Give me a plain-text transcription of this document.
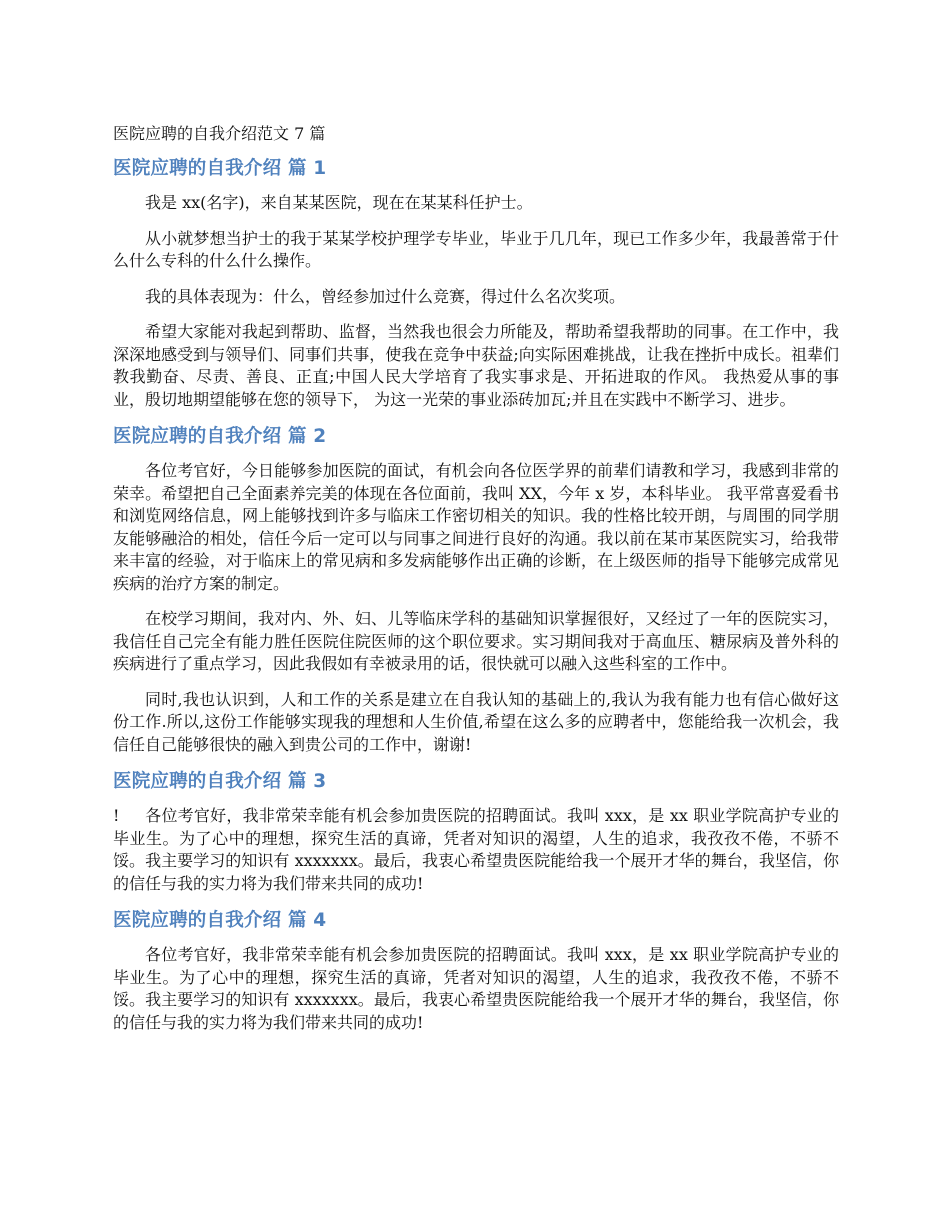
医院应聘的自我介绍范文 7 篇

医院应聘的自我介绍 篇 1

我是 xx(名字)，来自某某医院，现在在某某科任护士。

从小就梦想当护士的我于某某学校护理学专毕业，毕业于几几年，现已工作多少年，我最善常于什么什么专科的什么什么操作。

我的具体表现为：什么，曾经参加过什么竞赛，得过什么名次奖项。

希望大家能对我起到帮助、监督，当然我也很会力所能及，帮助希望我帮助的同事。在工作中，我深深地感受到与领导们、同事们共事，使我在竞争中获益;向实际困难挑战，让我在挫折中成长。祖辈们教我勤奋、尽责、善良、正直;中国人民大学培育了我实事求是、开拓进取的作风。 我热爱从事的事业，殷切地期望能够在您的领导下， 为这一光荣的事业添砖加瓦;并且在实践中不断学习、进步。

医院应聘的自我介绍 篇 2

各位考官好，今日能够参加医院的面试，有机会向各位医学界的前辈们请教和学习，我感到非常的荣幸。希望把自己全面素养完美的体现在各位面前，我叫 XX，今年 x 岁，本科毕业。 我平常喜爱看书和浏览网络信息，网上能够找到许多与临床工作密切相关的知识。我的性格比较开朗，与周围的同学朋友能够融洽的相处，信任今后一定可以与同事之间进行良好的沟通。我以前在某市某医院实习，给我带来丰富的经验，对于临床上的常见病和多发病能够作出正确的诊断，在上级医师的指导下能够完成常见疾病的治疗方案的制定。

在校学习期间，我对内、外、妇、儿等临床学科的基础知识掌握很好，又经过了一年的医院实习，我信任自己完全有能力胜任医院住院医师的这个职位要求。实习期间我对于高血压、糖尿病及普外科的疾病进行了重点学习，因此我假如有幸被录用的话，很快就可以融入这些科室的工作中。

同时,我也认识到，人和工作的关系是建立在自我认知的基础上的,我认为我有能力也有信心做好这份工作.所以,这份工作能够实现我的理想和人生价值,希望在这么多的应聘者中，您能给我一次机会，我信任自己能够很快的融入到贵公司的工作中，谢谢!

医院应聘的自我介绍 篇 3

! 各位考官好，我非常荣幸能有机会参加贵医院的招聘面试。我叫 xxx，是 xx 职业学院高护专业的毕业生。为了心中的理想，探究生活的真谛，凭者对知识的渴望，人生的追求，我孜孜不倦，不骄不馁。我主要学习的知识有 xxxxxxx。最后，我衷心希望贵医院能给我一个展开才华的舞台，我坚信，你的信任与我的实力将为我们带来共同的成功!

医院应聘的自我介绍 篇 4

各位考官好，我非常荣幸能有机会参加贵医院的招聘面试。我叫 xxx，是 xx 职业学院高护专业的毕业生。为了心中的理想，探究生活的真谛，凭者对知识的渴望，人生的追求，我孜孜不倦，不骄不馁。我主要学习的知识有 xxxxxxx。最后，我衷心希望贵医院能给我一个展开才华的舞台，我坚信，你的信任与我的实力将为我们带来共同的成功!
